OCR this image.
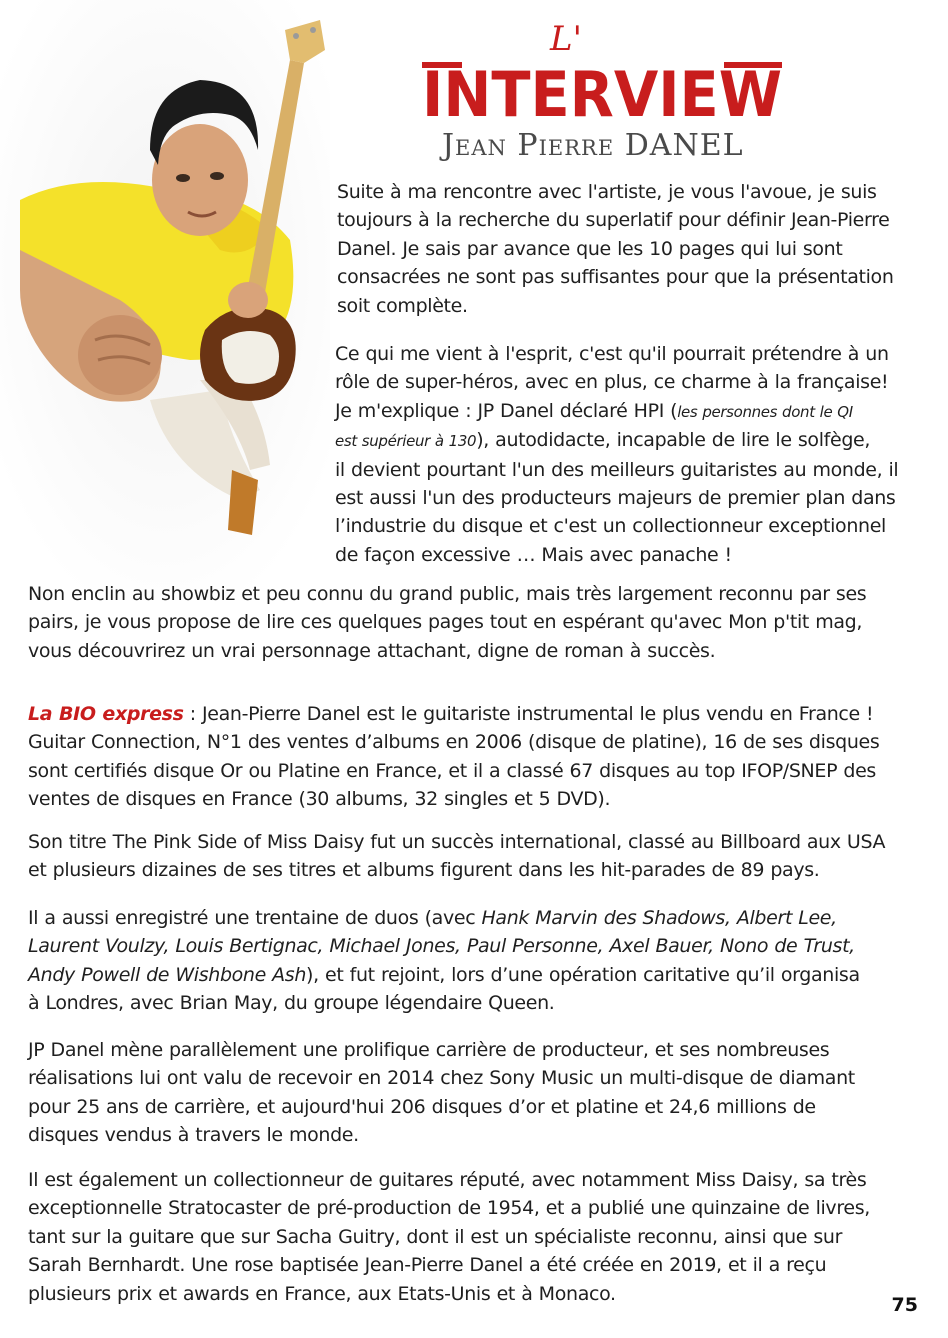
L'
INTERVIEW
Jean Pierre DANEL

Suite à ma rencontre avec l'artiste, je vous l'avoue, je suis
toujours à la recherche du superlatif pour définir Jean-Pierre
Danel. Je sais par avance que les 10 pages qui lui sont
consacrées ne sont pas suffisantes pour que la présentation
soit complète.

Ce qui me vient à l'esprit, c'est qu'il pourrait prétendre à un
rôle de super-héros, avec en plus, ce charme à la française!
Je m'explique : JP Danel déclaré HPI (les personnes dont le QI
est supérieur à 130), autodidacte, incapable de lire le solfège,
il devient pourtant l'un des meilleurs guitaristes au monde, il
est aussi l'un des producteurs majeurs de premier plan dans
l’industrie du disque et c'est un collectionneur exceptionnel
de façon excessive … Mais avec panache !

Non enclin au showbiz et peu connu du grand public, mais très largement reconnu par ses
pairs, je vous propose de lire ces quelques pages tout en espérant qu'avec Mon p'tit mag,
vous découvrirez un vrai personnage attachant, digne de roman à succès.

La BIO express : Jean-Pierre Danel est le guitariste instrumental le plus vendu en France !
Guitar Connection, N°1 des ventes d’albums en 2006 (disque de platine), 16 de ses disques
sont certifiés disque Or ou Platine en France, et il a classé 67 disques au top IFOP/SNEP des
ventes de disques en France (30 albums, 32 singles et 5 DVD).

Son titre The Pink Side of Miss Daisy fut un succès international, classé au Billboard aux USA
et plusieurs dizaines de ses titres et albums figurent dans les hit-parades de 89 pays.

Il a aussi enregistré une trentaine de duos (avec Hank Marvin des Shadows, Albert Lee,
Laurent Voulzy, Louis Bertignac, Michael Jones, Paul Personne, Axel Bauer, Nono de Trust,
Andy Powell de Wishbone Ash), et fut rejoint, lors d’une opération caritative qu’il organisa
à Londres, avec Brian May, du groupe légendaire Queen.

JP Danel mène parallèlement une prolifique carrière de producteur, et ses nombreuses
réalisations lui ont valu de recevoir en 2014 chez Sony Music un multi-disque de diamant
pour 25 ans de carrière, et aujourd'hui 206 disques d’or et platine et 24,6 millions de
disques vendus à travers le monde.

Il est également un collectionneur de guitares réputé, avec notamment Miss Daisy, sa très
exceptionnelle Stratocaster de pré-production de 1954, et a publié une quinzaine de livres,
tant sur la guitare que sur Sacha Guitry, dont il est un spécialiste reconnu, ainsi que sur
Sarah Bernhardt. Une rose baptisée Jean-Pierre Danel a été créée en 2019, et il a reçu
plusieurs prix et awards en France, aux Etats-Unis et à Monaco.

75
